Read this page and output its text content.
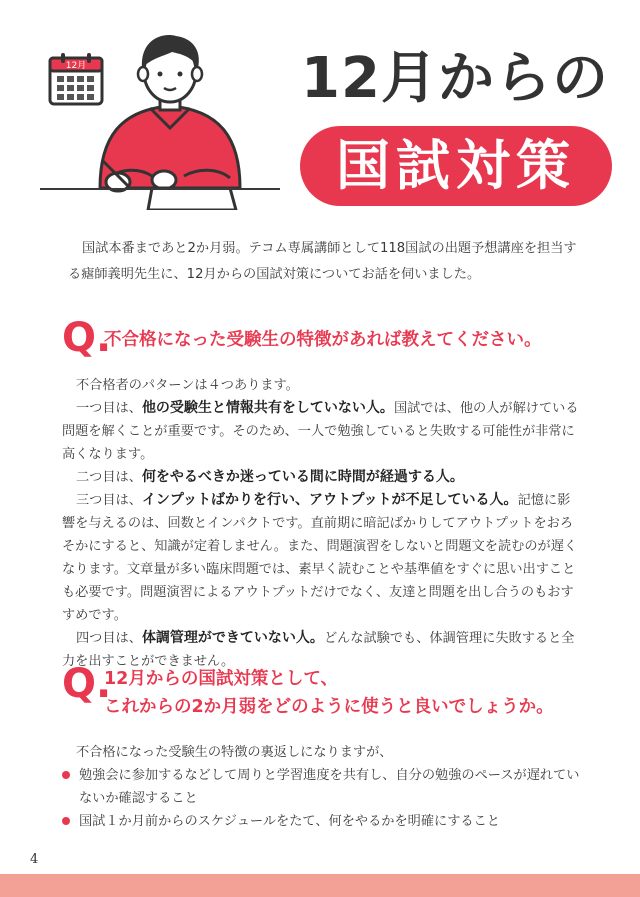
12月	12月からの
国試対策
国試本番まであと2か月弱。テコム専属講師として118国試の出題予想講座を担当する瘧師義明先生に、12月からの国試対策についてお話を伺いました。
Q.
不合格になった受験生の特徴があれば教えてください。

不合格者のパターンは４つあります。

一つ目は、他の受験生と情報共有をしていない人。国試では、他の人が解けている問題を解くことが重要です。そのため、一人で勉強していると失敗する可能性が非常に高くなります。

二つ目は、何をやるべきか迷っている間に時間が経過する人。

三つ目は、インプットばかりを行い、アウトプットが不足している人。記憶に影響を与えるのは、回数とインパクトです。直前期に暗記ばかりしてアウトプットをおろそかにすると、知識が定着しません。また、問題演習をしないと問題文を読むのが遅くなります。文章量が多い臨床問題では、素早く読むことや基準値をすぐに思い出すことも必要です。問題演習によるアウトプットだけでなく、友達と問題を出し合うのもおすすめです。

四つ目は、体調管理ができていない人。どんな試験でも、体調管理に失敗すると全力を出すことができません。

Q.
12月からの国試対策として、
これからの2か月弱をどのように使うと良いでしょうか。

不合格になった受験生の特徴の裏返しになりますが、

勉強会に参加するなどして周りと学習進度を共有し、自分の勉強のペースが遅れていないか確認すること
国試１か月前からのスケジュールをたて、何をやるかを明確にすること
4
